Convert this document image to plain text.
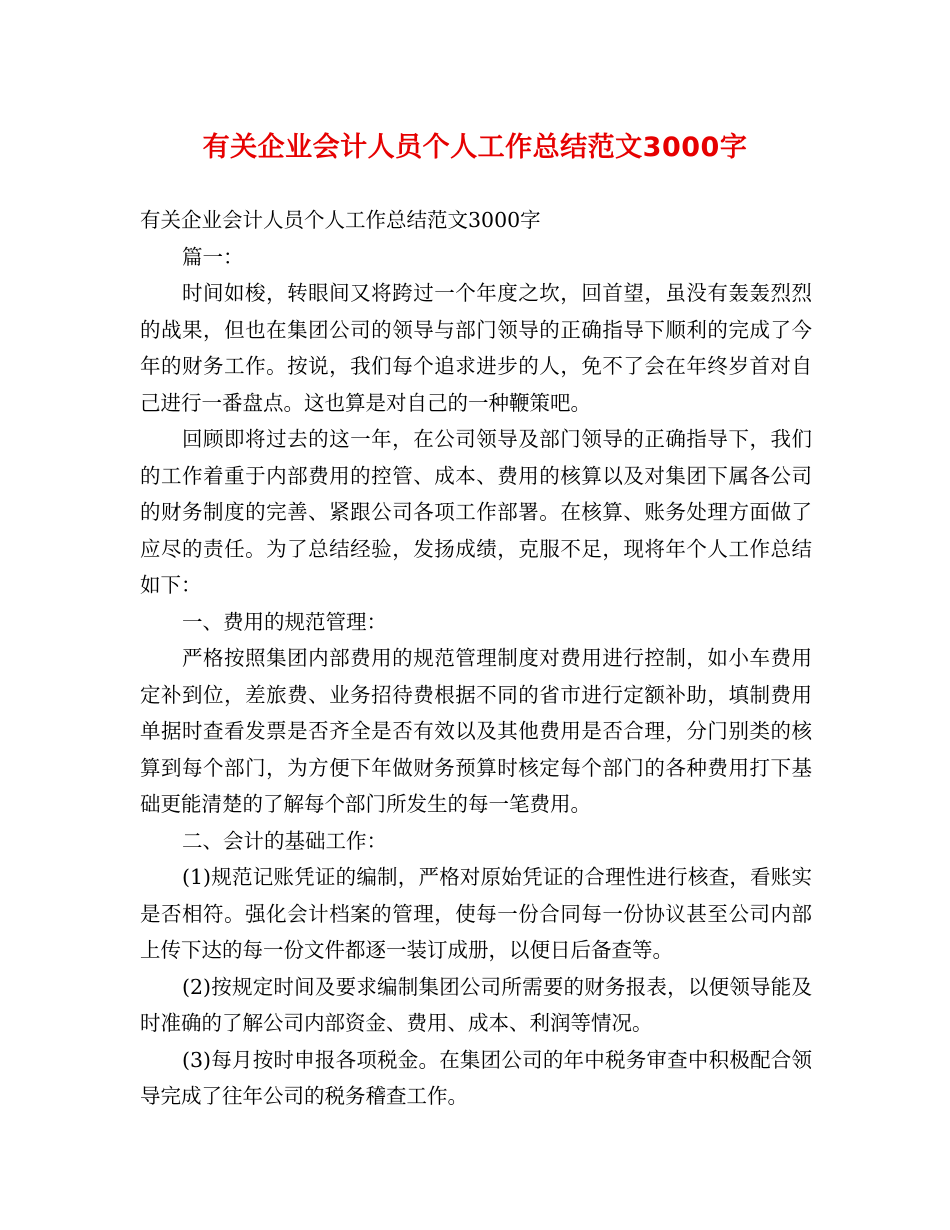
有关企业会计人员个人工作总结范文3000字

有关企业会计人员个人工作总结范文3000字

篇一：

时间如梭，转眼间又将跨过一个年度之坎，回首望，虽没有轰轰烈烈的战果，但也在集团公司的领导与部门领导的正确指导下顺利的完成了今年的财务工作。按说，我们每个追求进步的人，免不了会在年终岁首对自己进行一番盘点。这也算是对自己的一种鞭策吧。

回顾即将过去的这一年，在公司领导及部门领导的正确指导下，我们的工作着重于内部费用的控管、成本、费用的核算以及对集团下属各公司的财务制度的完善、紧跟公司各项工作部署。在核算、账务处理方面做了应尽的责任。为了总结经验，发扬成绩，克服不足，现将年个人工作总结如下：

一、费用的规范管理：

严格按照集团内部费用的规范管理制度对费用进行控制，如小车费用定补到位，差旅费、业务招待费根据不同的省市进行定额补助，填制费用单据时查看发票是否齐全是否有效以及其他费用是否合理，分门别类的核算到每个部门，为方便下年做财务预算时核定每个部门的各种费用打下基础更能清楚的了解每个部门所发生的每一笔费用。

二、会计的基础工作：

(1)规范记账凭证的编制，严格对原始凭证的合理性进行核查，看账实是否相符。强化会计档案的管理，使每一份合同每一份协议甚至公司内部上传下达的每一份文件都逐一装订成册，以便日后备查等。

(2)按规定时间及要求编制集团公司所需要的财务报表，以便领导能及时准确的了解公司内部资金、费用、成本、利润等情况。

(3)每月按时申报各项税金。在集团公司的年中税务审查中积极配合领导完成了往年公司的税务稽查工作。
